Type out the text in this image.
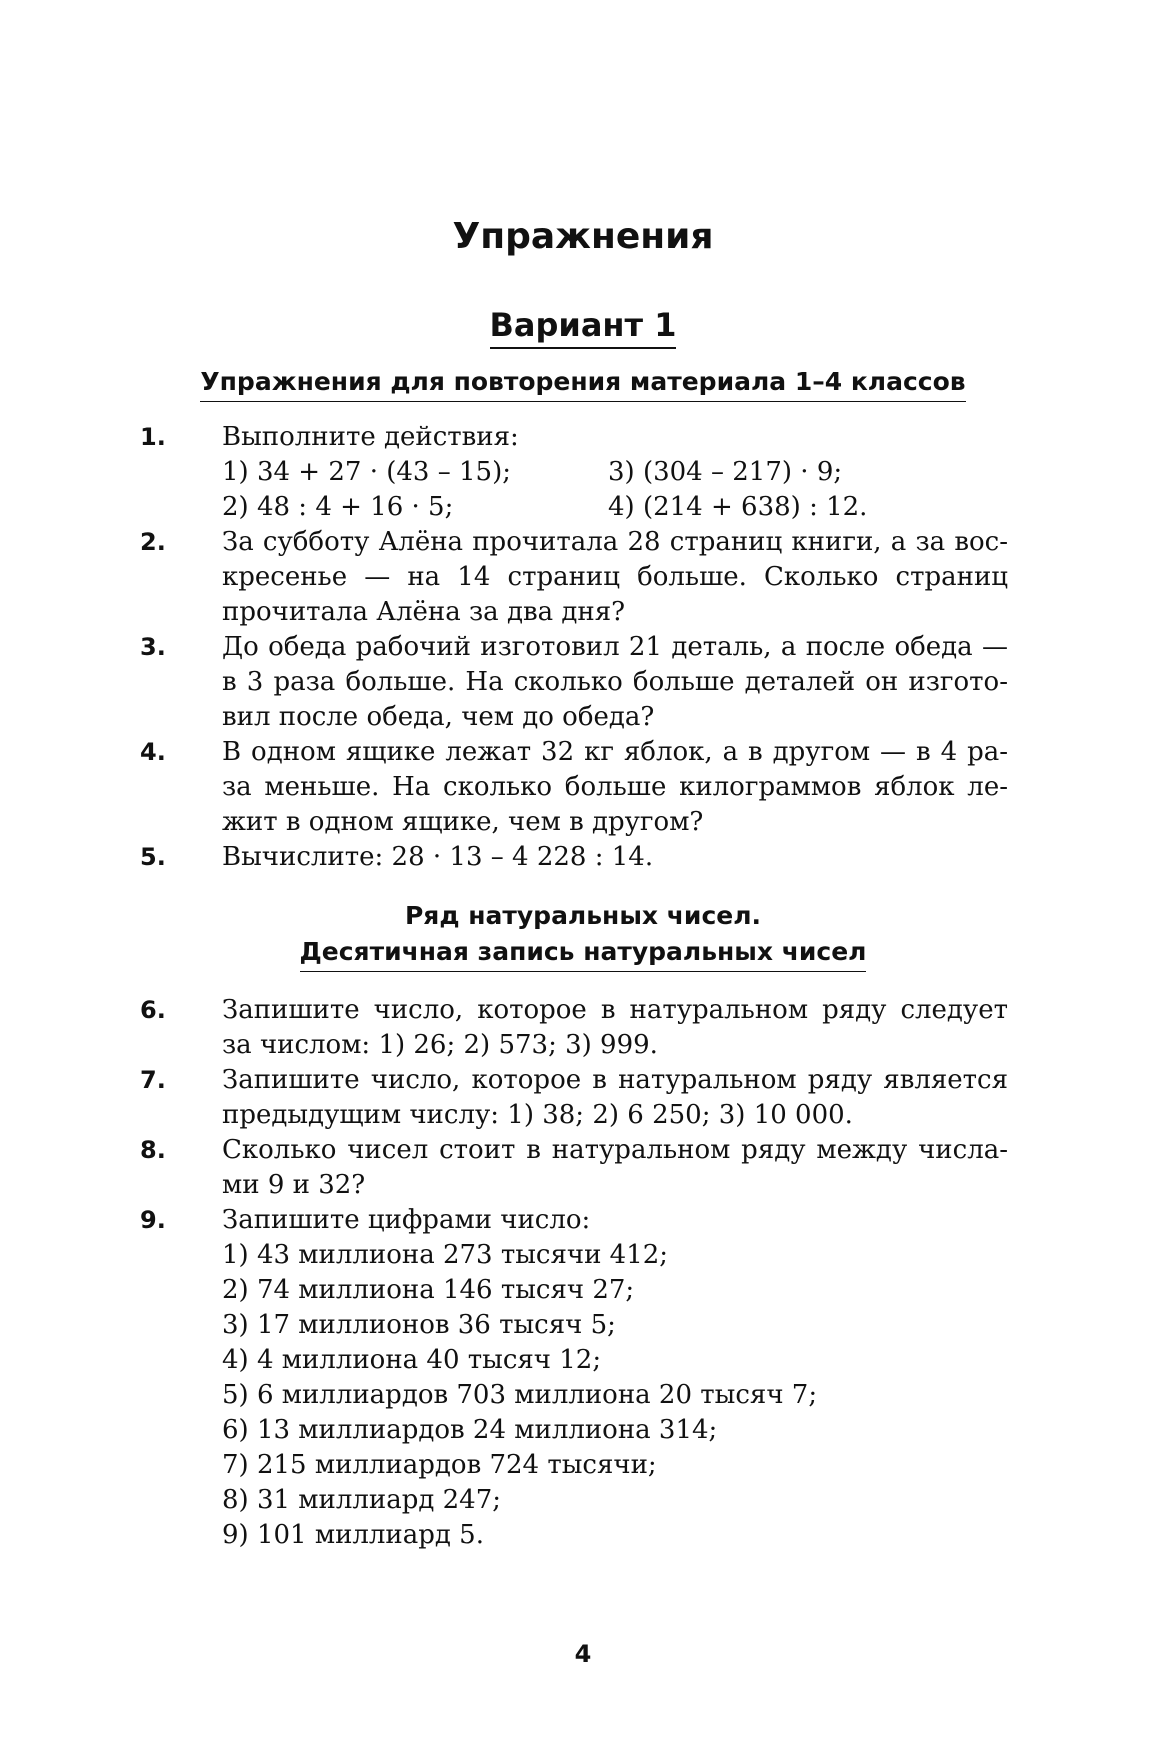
Упражнения
Вариант 1
Упражнения для повторения материала 1–4 классов
1. Выполните действия:
1) 34 + 27 · (43 – 15);	3) (304 – 217) · 9;
2) 48 : 4 + 16 · 5;	4) (214 + 638) : 12.
2. За субботу Алёна прочитала 28 страниц книги, а за вос-
кресенье — на 14 страниц больше. Сколько страниц
прочитала Алёна за два дня?
3. До обеда рабочий изготовил 21 деталь, а после обеда —
в 3 раза больше. На сколько больше деталей он изгото-
вил после обеда, чем до обеда?
4. В одном ящике лежат 32 кг яблок, а в другом — в 4 ра-
за меньше. На сколько больше килограммов яблок ле-
жит в одном ящике, чем в другом?
5. Вычислите: 28 · 13 – 4 228 : 14.
Ряд натуральных чисел.
Десятичная запись натуральных чисел
6. Запишите число, которое в натуральном ряду следует
за числом: 1) 26; 2) 573; 3) 999.
7. Запишите число, которое в натуральном ряду является
предыдущим числу: 1) 38; 2) 6 250; 3) 10 000.
8. Сколько чисел стоит в натуральном ряду между числа-
ми 9 и 32?
9. Запишите цифрами число:
1) 43 миллиона 273 тысячи 412;
2) 74 миллиона 146 тысяч 27;
3) 17 миллионов 36 тысяч 5;
4) 4 миллиона 40 тысяч 12;
5) 6 миллиардов 703 миллиона 20 тысяч 7;
6) 13 миллиардов 24 миллиона 314;
7) 215 миллиардов 724 тысячи;
8) 31 миллиард 247;
9) 101 миллиард 5.
4
